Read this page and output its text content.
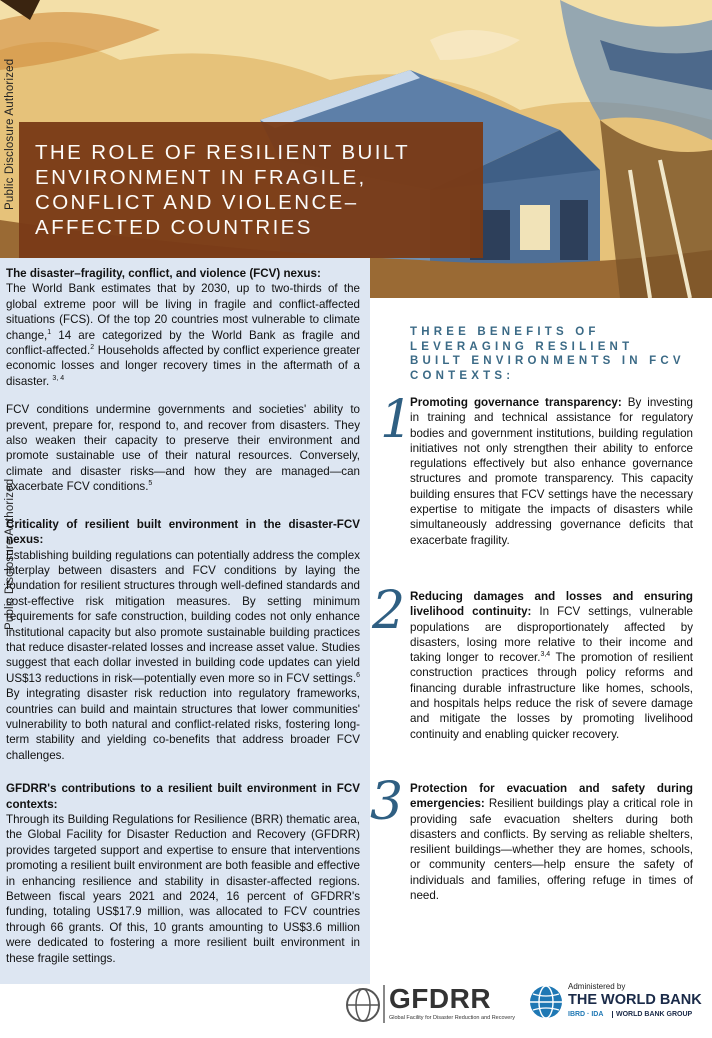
Public Disclosure Authorized THE ROLE OF RESILIENT BUILT ENVIRONMENT IN FRAGILE, CONFLICT AND VIOLENCE–AFFECTED COUNTRIES
Public Disclosure Authorized

The disaster–fragility, conflict, and violence (FCV) nexus:
The World Bank estimates that by 2030, up to two-thirds of the global extreme poor will be living in fragile and conflict-affected situations (FCS). Of the top 20 countries most vulnerable to climate change,$^1$ 14 are categorized by the World Bank as fragile and conflict-affected.$^2$ Households affected by conflict experience greater economic losses and longer recovery times in the aftermath of a disaster. $^{3, 4}$

FCV conditions undermine governments and societies' ability to prevent, prepare for, respond to, and recover from disasters. They also weaken their capacity to preserve their environment and promote sustainable use of their natural resources. Conversely, climate and disaster risks—and how they are managed—can exacerbate FCV conditions.$^5$

Criticality of resilient built environment in the disaster-FCV nexus:
Establishing building regulations can potentially address the complex interplay between disasters and FCV conditions by laying the foundation for resilient structures through well-defined standards and cost-effective risk mitigation measures. By setting minimum requirements for safe construction, building codes not only enhance institutional capacity but also promote sustainable building practices that reduce disaster-related losses and increase asset value. Studies suggest that each dollar invested in building code updates can yield US$13 reductions in risk—potentially even more so in FCV settings.$^6$ By integrating disaster risk reduction into regulatory frameworks, countries can build and maintain structures that lower communities' vulnerability to both natural and conflict-related risks, fostering long-term stability and yielding co-benefits that address broader FCV challenges.

GFDRR's contributions to a resilient built environment in FCV contexts:
Through its Building Regulations for Resilience (BRR) thematic area, the Global Facility for Disaster Reduction and Recovery (GFDRR) provides targeted support and expertise to ensure that interventions promoting a resilient built environment are both feasible and effective in enhancing resilience and stability in disaster-affected regions. Between fiscal years 2021 and 2024, 16 percent of GFDRR's funding, totaling US$17.9 million, was allocated to FCV countries through 66 grants. Of this, 10 grants amounting to US$3.6 million were dedicated to fostering a more resilient built environment in these fragile settings.

THREE BENEFITS OF LEVERAGING RESILIENT BUILT ENVIRONMENTS IN FCV CONTEXTS:
1
Promoting governance transparency: By investing in training and technical assistance for regulatory bodies and government institutions, building regulation initiatives not only strengthen their ability to enforce regulations effectively but also enhance governance structures and promote transparency. This capacity building ensures that FCV settings have the necessary expertise to mitigate the impacts of disasters while simultaneously addressing governance deficits that exacerbate fragility.
2 Reducing damages and losses and ensuring livelihood continuity: In FCV settings, vulnerable populations are disproportionately affected by disasters, losing more relative to their income and taking longer to recover.$^{3,4}$ The promotion of resilient construction practices through policy reforms and financing durable infrastructure like homes, schools, and hospitals helps reduce the risk of severe damage and mitigate the losses by promoting livelihood continuity and enabling quicker recovery.
3 Protection for evacuation and safety during emergencies: Resilient buildings play a critical role in providing safe evacuation shelters during both disasters and conflicts. By serving as reliable shelters, resilient buildings—whether they are homes, schools, or community centers—help ensure the safety of individuals and families, offering refuge in times of need.
GFDRR
Global Facility for Disaster Reduction and Recovery
Administered by
THE WORLD BANK
IBRD · IDA	WORLD BANK GROUP
